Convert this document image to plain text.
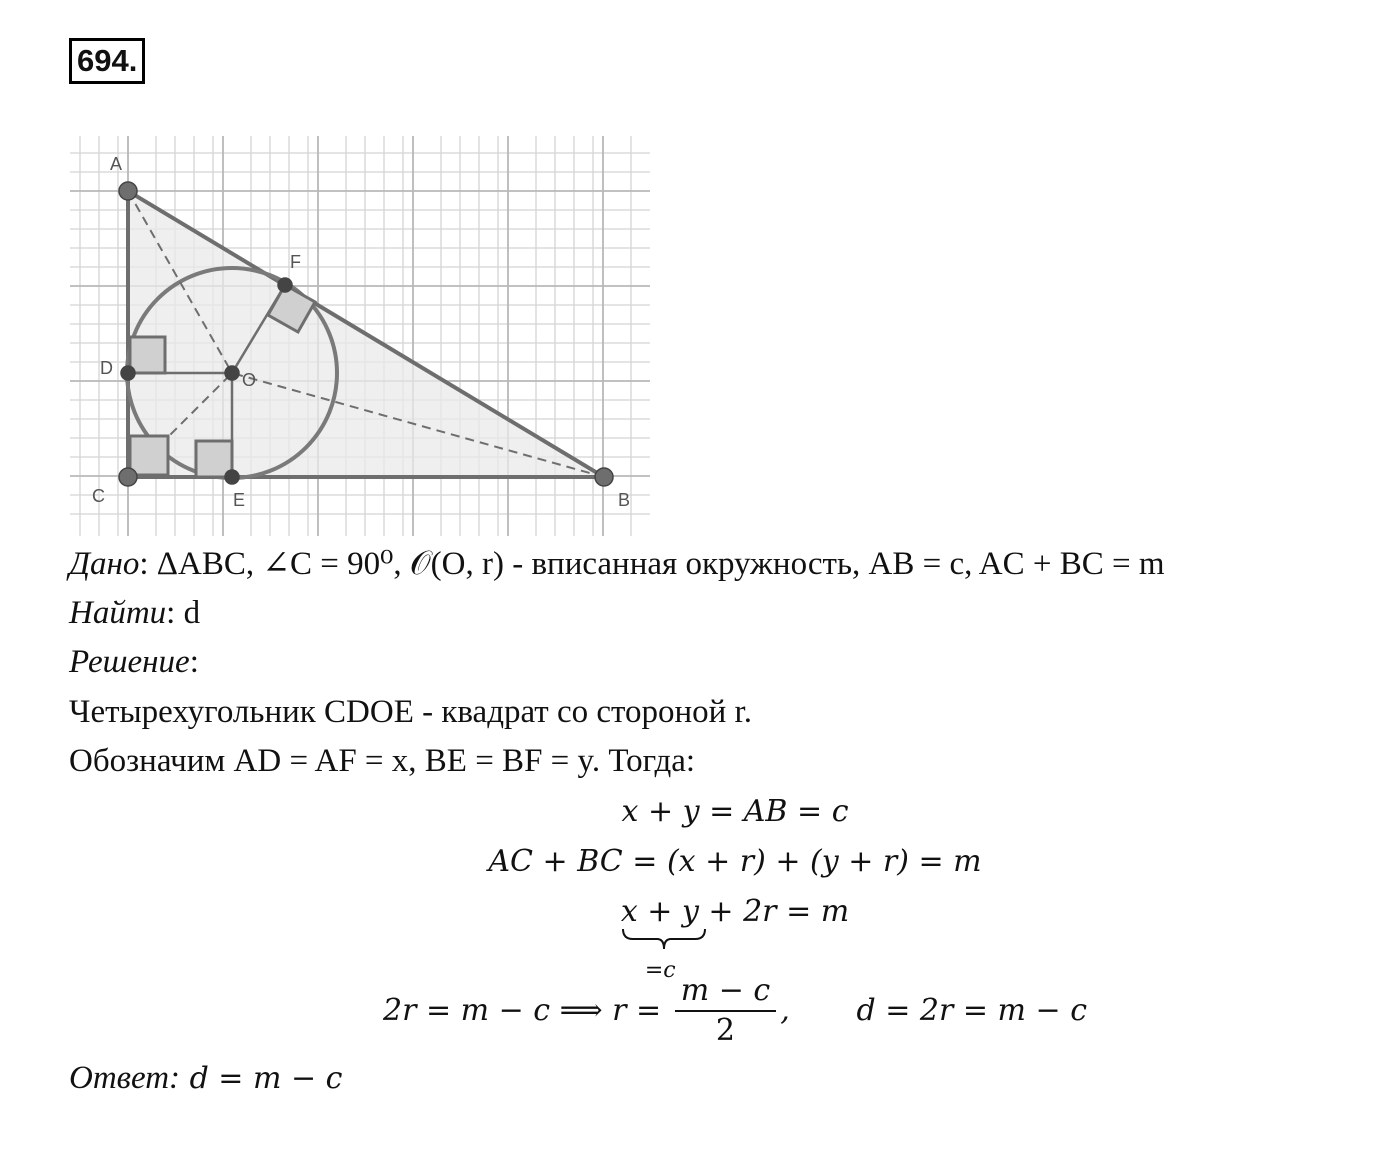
694.
A
B
C
D
E
F
O
Дано: ΔABC, ∠C = 90⁰, 𝒪(O, r) - вписанная окружность, AB = c, AC + BC = m
Найти: d
Решение:
Четырехугольник CDOE - квадрат со стороной r.
Обозначим AD = AF = x, BE = BF = y. Тогда:
x + y = AB = c
AC + BC = (x + r) + (y + r) = m
x + y
=c
+ 2r = m
2r = m − c ⟹ $r = \frac{m - c}{2}$ ,       d = 2r = m − c
Ответ: d = m − c
